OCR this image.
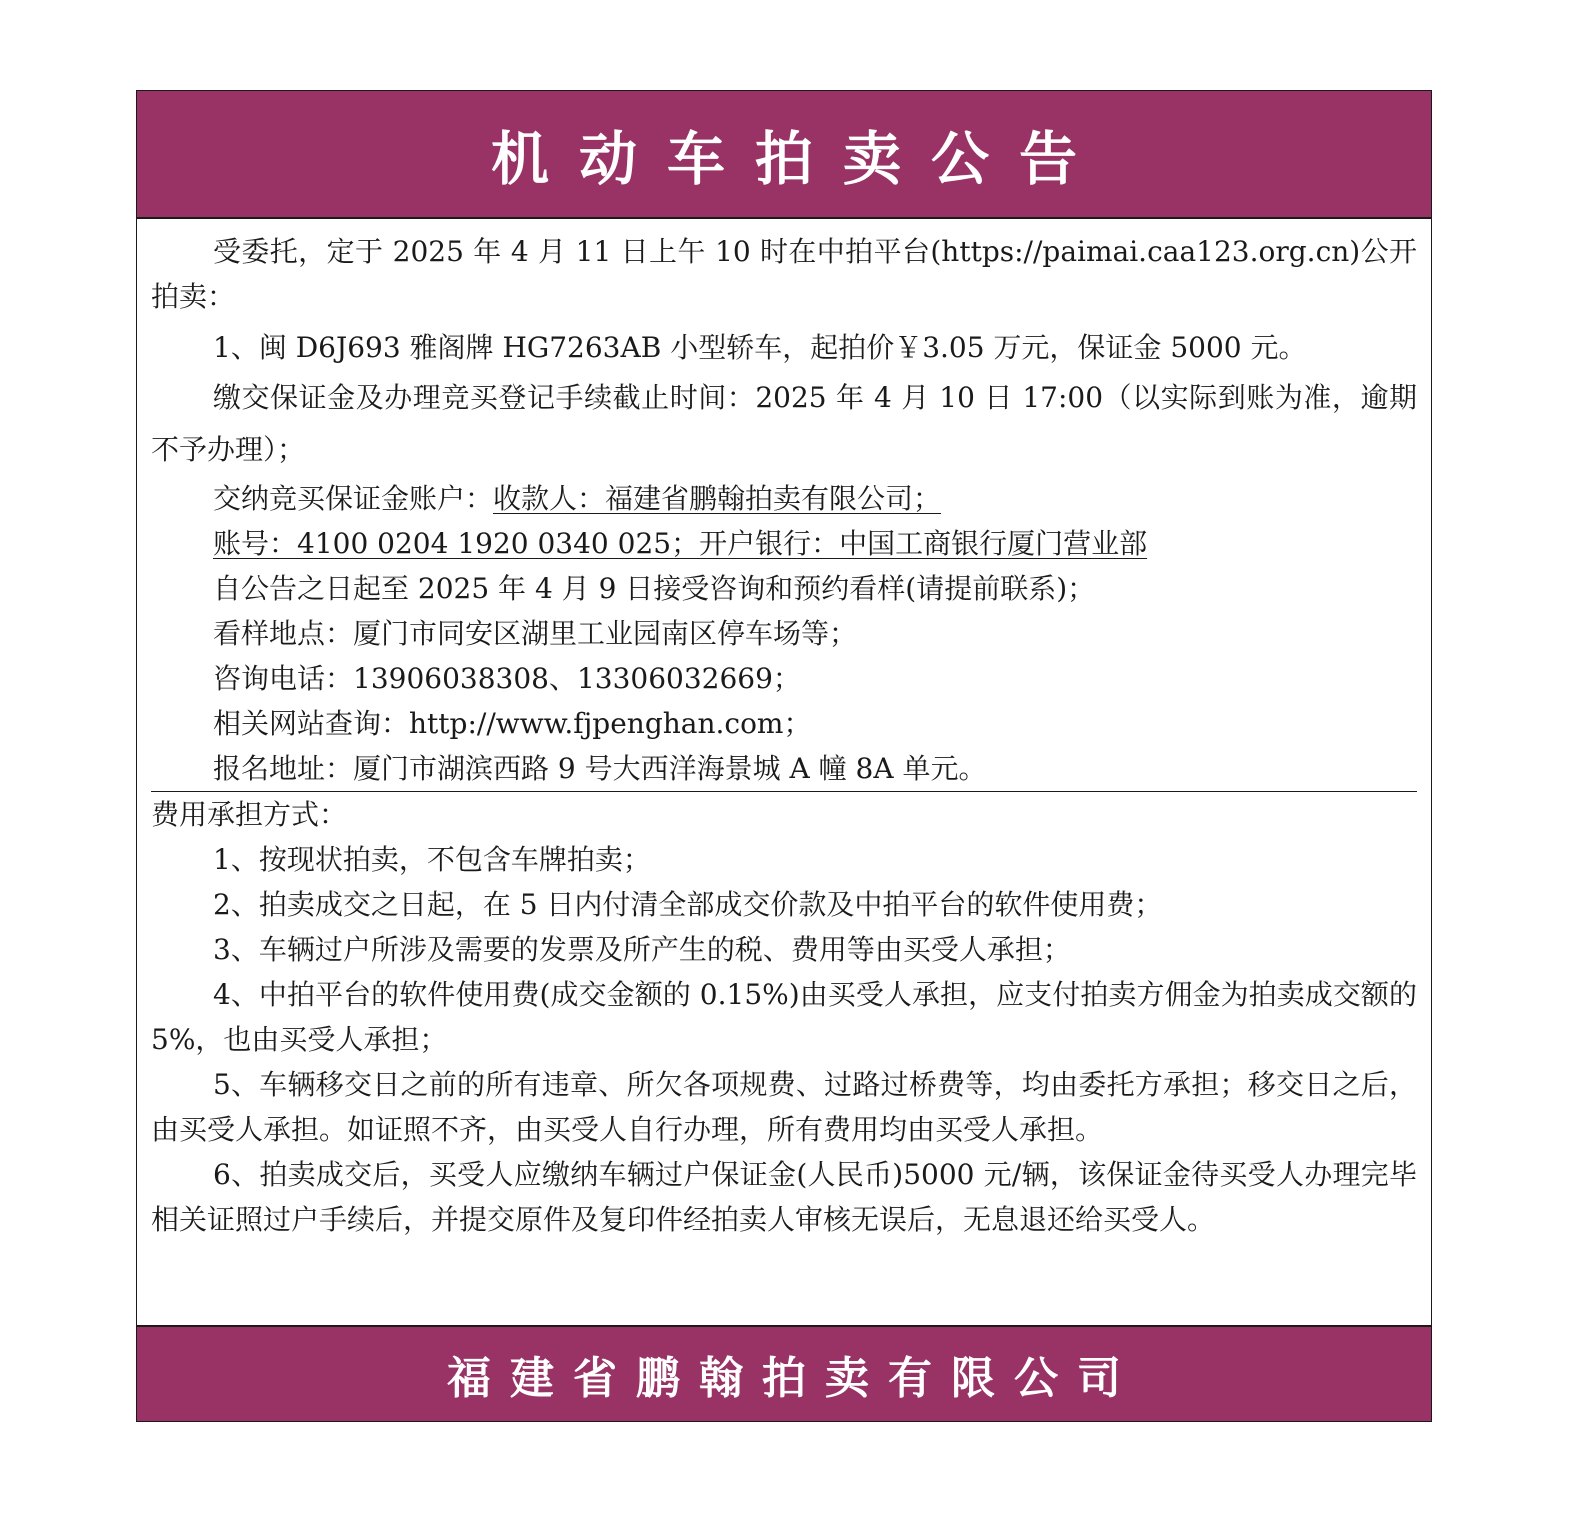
机动车拍卖公告

受委托，定于 2025 年 4 月 11 日上午 10 时在中拍平台(https://paimai.caa123.org.cn)公开拍卖：

1、闽 D6J693 雅阁牌 HG7263AB 小型轿车，起拍价￥3.05 万元，保证金 5000 元。

缴交保证金及办理竞买登记手续截止时间：2025 年 4 月 10 日 17:00（以实际到账为准，逾期不予办理）；

交纳竞买保证金账户：收款人：福建省鹏翰拍卖有限公司；

账号：4100 0204 1920 0340 025；开户银行：中国工商银行厦门营业部

自公告之日起至 2025 年 4 月 9 日接受咨询和预约看样(请提前联系)；

看样地点：厦门市同安区湖里工业园南区停车场等；

咨询电话：13906038308、13306032669；

相关网站查询：http://www.fjpenghan.com；

报名地址：厦门市湖滨西路 9 号大西洋海景城 A 幢 8A 单元。

费用承担方式：

1、按现状拍卖，不包含车牌拍卖；

2、拍卖成交之日起，在 5 日内付清全部成交价款及中拍平台的软件使用费；

3、车辆过户所涉及需要的发票及所产生的税、费用等由买受人承担；

4、中拍平台的软件使用费(成交金额的 0.15%)由买受人承担，应支付拍卖方佣金为拍卖成交额的 5%，也由买受人承担；

5、车辆移交日之前的所有违章、所欠各项规费、过路过桥费等，均由委托方承担；移交日之后，由买受人承担。如证照不齐，由买受人自行办理，所有费用均由买受人承担。

6、拍卖成交后，买受人应缴纳车辆过户保证金(人民币)5000 元/辆，该保证金待买受人办理完毕相关证照过户手续后，并提交原件及复印件经拍卖人审核无误后，无息退还给买受人。

福建省鹏翰拍卖有限公司
